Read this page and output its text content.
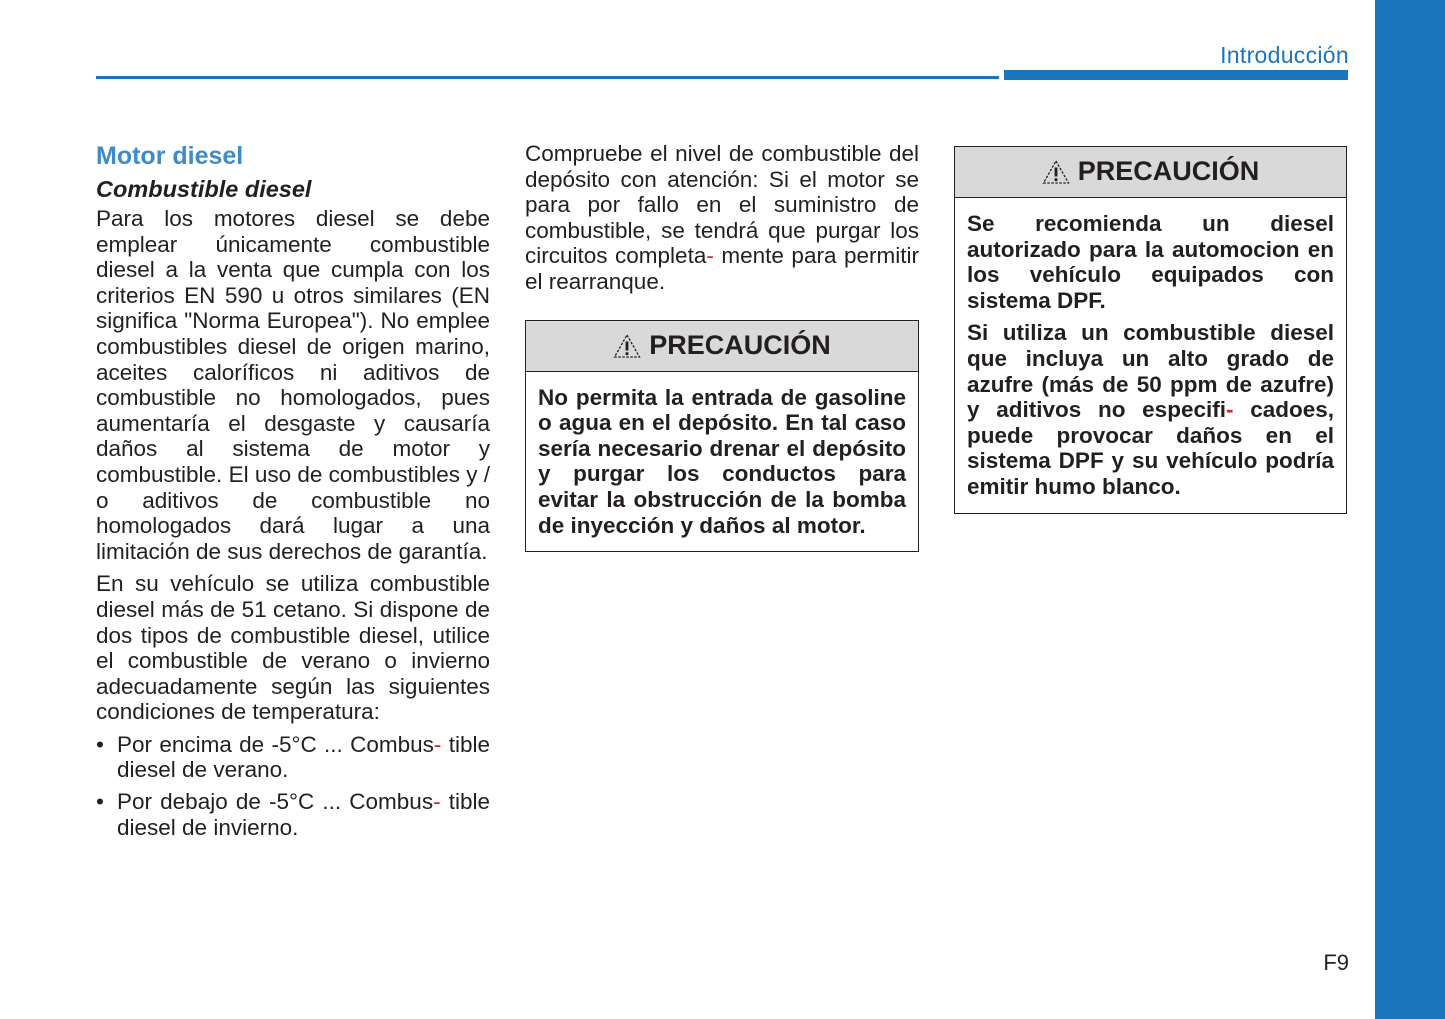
Introducción
Motor diesel
Combustible diesel

Para los motores diesel se debe emplear únicamente combustible diesel a la venta que cumpla con los criterios EN 590 u otros similares (EN significa "Norma Europea"). No emplee combustibles diesel de origen marino, aceites caloríficos ni aditivos de combustible no homologados, pues aumentaría el desgaste y causaría daños al sistema de motor y combustible. El uso de combustibles y / o aditivos de combustible no homologados dará lugar a una limitación de sus derechos de garantía.

En su vehículo se utiliza combustible diesel más de 51 cetano. Si dispone de dos tipos de combustible diesel, utilice el combustible de verano o invierno adecuadamente según las siguientes condiciones de temperatura:

• Por encima de -5°C ... Combus- tible diesel de verano.
• Por debajo de -5°C ... Combus- tible diesel de invierno.

Compruebe el nivel de combustible del depósito con atención: Si el motor se para por fallo en el suministro de combustible, se tendrá que purgar los circuitos completa- mente para permitir el rearranque.

PRECAUCIÓN

No permita la entrada de gasoline o agua en el depósito. En tal caso sería necesario drenar el depósito y purgar los conductos para evitar la obstrucción de la bomba de inyección y daños al motor.

PRECAUCIÓN

Se recomienda un diesel autorizado para la automocion en los vehículo equipados con sistema DPF.

Si utiliza un combustible diesel que incluya un alto grado de azufre (más de 50 ppm de azufre) y aditivos no especifi- cadoes, puede provocar daños en el sistema DPF y su vehículo podría emitir humo blanco.

F9
